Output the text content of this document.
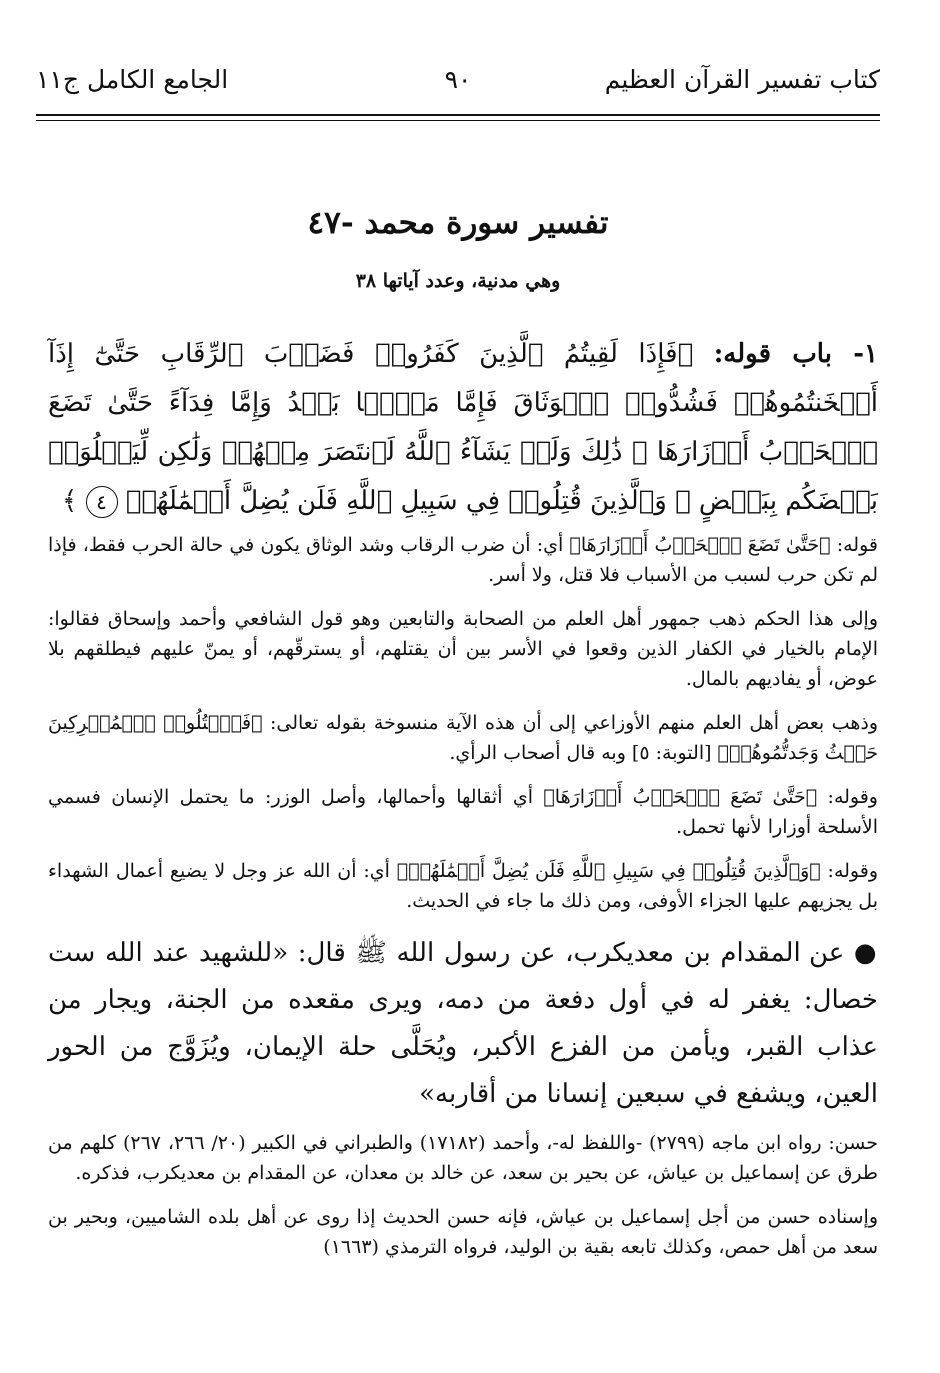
كتاب تفسير القرآن العظيم
٩٠
الجامع الكامل ج١١
تفسير سورة محمد -٤٧
وهي مدنية، وعدد آياتها ٣٨

١- باب قوله: ﴿فَإِذَا لَقِيتُمُ ٱلَّذِينَ كَفَرُوا۟ فَضَرۡبَ ٱلرِّقَابِ حَتَّىٰٓ إِذَآ أَثۡخَنتُمُوهُمۡ فَشُدُّوا۟ ٱلۡوَثَاقَ فَإِمَّا مَنَّۢا بَعۡدُ وَإِمَّا فِدَآءً حَتَّىٰ تَضَعَ ٱلۡحَرۡبُ أَوۡزَارَهَا ۚ ذَٰلِكَ وَلَوۡ يَشَآءُ ٱللَّهُ لَٱنتَصَرَ مِنۡهُمۡ وَلَٰكِن لِّيَبۡلُوَا۟ بَعۡضَكُم بِبَعۡضٍ ۗ وَٱلَّذِينَ قُتِلُوا۟ فِي سَبِيلِ ٱللَّهِ فَلَن يُضِلَّ أَعۡمَٰلَهُمۡ ٤ ﴾

قوله: ﴿حَتَّىٰ تَضَعَ ٱلۡحَرۡبُ أَوۡزَارَهَا﴾ أي: أن ضرب الرقاب وشد الوثاق يكون في حالة الحرب فقط، فإذا لم تكن حرب لسبب من الأسباب فلا قتل، ولا أسر.

وإلى هذا الحكم ذهب جمهور أهل العلم من الصحابة والتابعين وهو قول الشافعي وأحمد وإسحاق فقالوا: الإمام بالخيار في الكفار الذين وقعوا في الأسر بين أن يقتلهم، أو يسترقّهم، أو يمنّ عليهم فيطلقهم بلا عوض، أو يفاديهم بالمال.

وذهب بعض أهل العلم منهم الأوزاعي إلى أن هذه الآية منسوخة بقوله تعالى: ﴿فَٱقۡتُلُوا۟ ٱلۡمُشۡرِكِينَ حَيۡثُ وَجَدتُّمُوهُمۡ﴾ [التوبة: ٥] وبه قال أصحاب الرأي.

وقوله: ﴿حَتَّىٰ تَضَعَ ٱلۡحَرۡبُ أَوۡزَارَهَا﴾ أي أثقالها وأحمالها، وأصل الوزر: ما يحتمل الإنسان فسمي الأسلحة أوزارا لأنها تحمل.

وقوله: ﴿وَٱلَّذِينَ قُتِلُوا۟ فِي سَبِيلِ ٱللَّهِ فَلَن يُضِلَّ أَعۡمَٰلَهُمۡ﴾ أي: أن الله عز وجل لا يضيع أعمال الشهداء بل يجزيهم عليها الجزاء الأوفى، ومن ذلك ما جاء في الحديث.

● عن المقدام بن معديكرب، عن رسول الله ﷺ قال: «للشهيد عند الله ست خصال: يغفر له في أول دفعة من دمه، ويرى مقعده من الجنة، ويجار من عذاب القبر، ويأمن من الفزع الأكبر، ويُحَلَّى حلة الإيمان، ويُزَوَّج من الحور العين، ويشفع في سبعين إنسانا من أقاربه»

حسن: رواه ابن ماجه (٢٧٩٩) -واللفظ له-، وأحمد (١٧١٨٢) والطبراني في الكبير (٢٠/ ٢٦٦، ٢٦٧) كلهم من طرق عن إسماعيل بن عياش، عن بحير بن سعد، عن خالد بن معدان، عن المقدام بن معديكرب، فذكره.

وإسناده حسن من أجل إسماعيل بن عياش، فإنه حسن الحديث إذا روى عن أهل بلده الشاميين، وبحير بن سعد من أهل حمص، وكذلك تابعه بقية بن الوليد، فرواه الترمذي (١٦٦٣)
